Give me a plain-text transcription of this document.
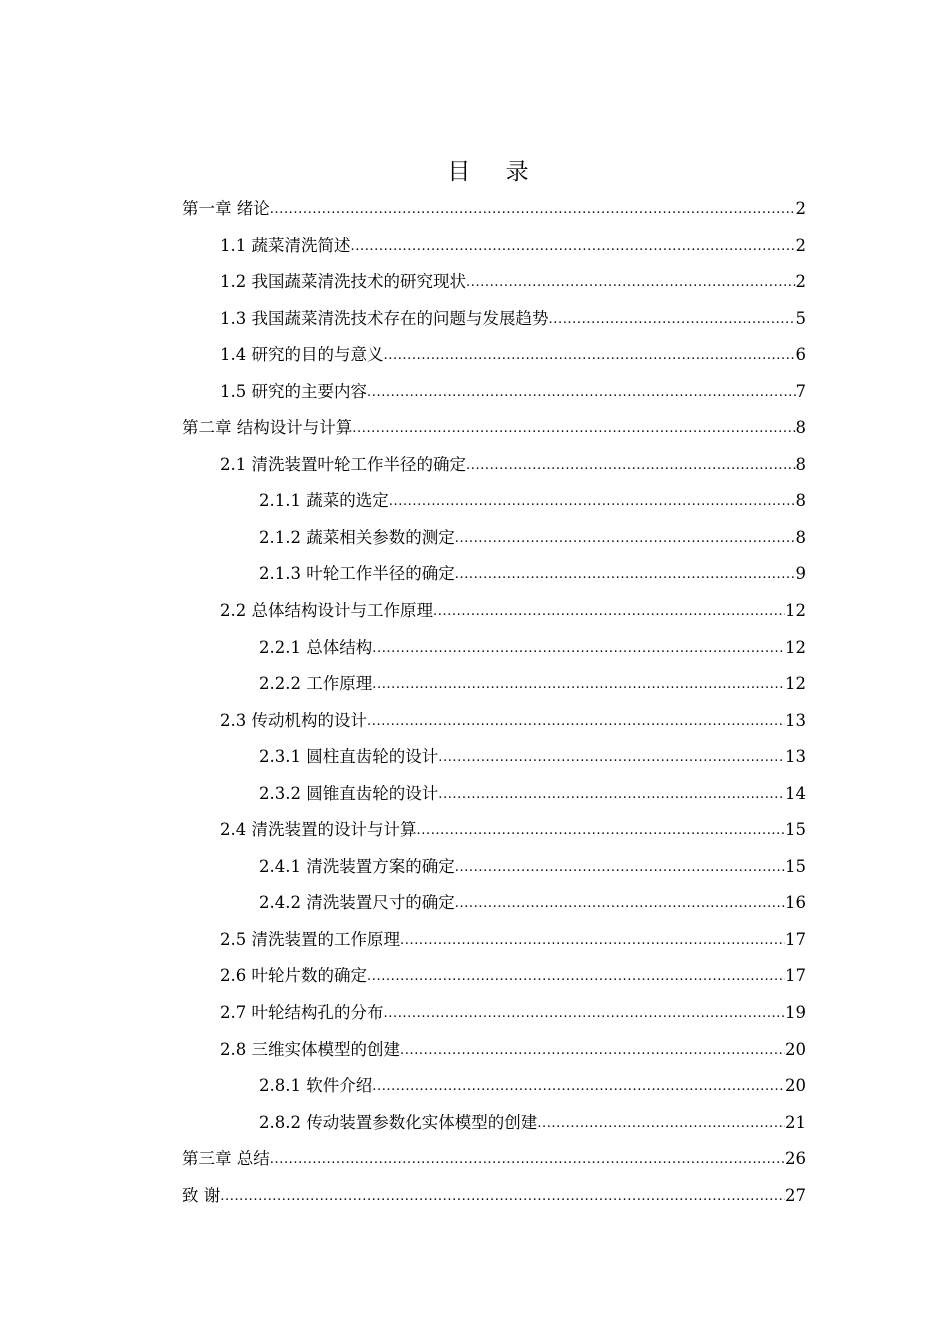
目 录
第一章 绪论 .....	2
1.1 蔬菜清洗简述 .....	2
1.2 我国蔬菜清洗技术的研究现状 .....	2
1.3 我国蔬菜清洗技术存在的问题与发展趋势 .....	5
1.4 研究的目的与意义 .....	6
1.5 研究的主要内容 .....	7
第二章 结构设计与计算 .....	8
2.1 清洗装置叶轮工作半径的确定 .....	8
2.1.1 蔬菜的选定 .....	8
2.1.2 蔬菜相关参数的测定 .....	8
2.1.3 叶轮工作半径的确定 .....	9
2.2 总体结构设计与工作原理 .....	12
2.2.1 总体结构 .....	12
2.2.2 工作原理 .....	12
2.3 传动机构的设计 .....	13
2.3.1 圆柱直齿轮的设计 .....	13
2.3.2 圆锥直齿轮的设计 .....	14
2.4 清洗装置的设计与计算 .....	15
2.4.1 清洗装置方案的确定 .....	15
2.4.2 清洗装置尺寸的确定 .....	16
2.5 清洗装置的工作原理 .....	17
2.6 叶轮片数的确定 .....	17
2.7 叶轮结构孔的分布 .....	19
2.8 三维实体模型的创建 .....	20
2.8.1 软件介绍 .....	20
2.8.2 传动装置参数化实体模型的创建 .....	21
第三章 总结 .....	26
致 谢 .....	27
